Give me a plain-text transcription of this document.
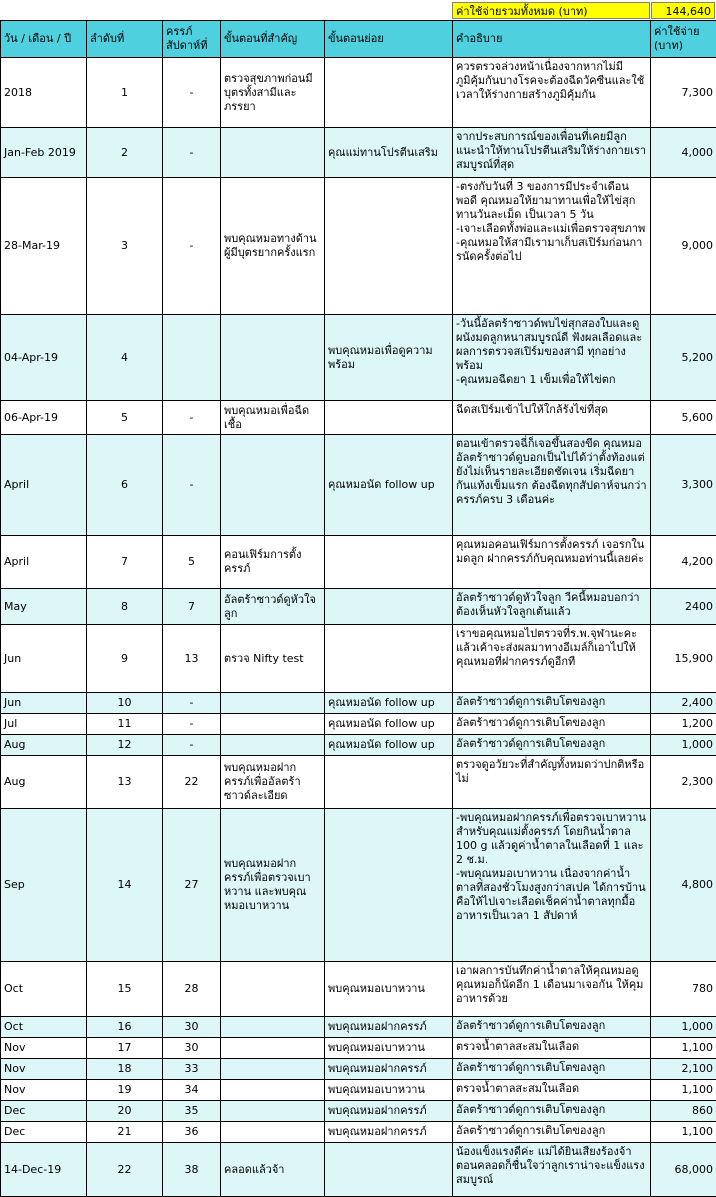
ค่าใช้จ่ายรวมทั้งหมด (บาท)	144,640
วัน / เดือน / ปี	ลำดับที่	ครรภ์สัปดาห์ที่	ขั้นตอนที่สำคัญ	ขั้นตอนย่อย	คำอธิบาย	ค่าใช้จ่าย (บาท)
2018	1	-	ตรวจสุขภาพก่อนมีบุตรทั้งสามีและภรรยา		ควรตรวจล่วงหน้าเนื่องจากหากไม่มีภูมิคุ้มกันบางโรคจะต้องฉีดวัคซีนและใช้เวลาให้ร่างกายสร้างภูมิคุ้มกัน	7,300
Jan-Feb 2019	2	-		คุณแม่ทานโปรตีนเสริม	จากประสบการณ์ของเพื่อนที่เคยมีลูกแนะนำให้ทานโปรตีนเสริมให้ร่างกายเราสมบูรณ์ที่สุด	4,000
28-Mar-19	3	-	พบคุณหมอทางด้านผู้มีบุตรยากครั้งแรก		-ตรงกับวันที่ 3 ของการมีประจำเดือนพอดี คุณหมอให้ยามาทานเพื่อให้ไข่สุก ทานวันละเม็ด เป็นเวลา 5 วัน
-เจาะเลือดทั้งพ่อและแม่เพื่อตรวจสุขภาพ
-คุณหมอให้สามีเรามาเก็บสเปิร์มก่อนการนัดครั้งต่อไป	9,000
04-Apr-19	4			พบคุณหมอเพื่อดูความพร้อม	-วันนี้อัลตร้าซาวด์พบไข่สุกสองใบและดูผนังมดลูกหนาสมบูรณ์ดี ฟังผลเลือดและผลการตรวจสเปิร์มของสามี ทุกอย่างพร้อม
-คุณหมอฉีดยา 1 เข็มเพื่อให้ไข่ตก	5,200
06-Apr-19	5	-	พบคุณหมอเพื่อฉีดเชื้อ		ฉีดสเปิร์มเข้าไปให้ใกล้รังไข่ที่สุด	5,600
April	6	-		คุณหมอนัด follow up	ตอนเข้าตรวจฉี่ก็เจอขึ้นสองขีด คุณหมออัลตร้าซาวด์ดูบอกเป็นไปได้ว่าตั้งท้องแต่ยังไม่เห็นรายละเอียดชัดเจน เริ่มฉีดยากันแท้งเข็มแรก ต้องฉีดทุกสัปดาห์จนกว่าครรภ์ครบ 3 เดือนค่ะ	3,300
April	7	5	คอนเฟิร์มการตั้งครรภ์		คุณหมอคอนเฟิร์มการตั้งครรภ์ เจอรกในมดลูก ฝากครรภ์กับคุณหมอท่านนี้เลยค่ะ	4,200
May	8	7	อัลตร้าซาวด์ดูหัวใจลูก		อัลตร้าซาวด์ดูหัวใจลูก วีคนี้หมอบอกว่าต้องเห็นหัวใจลูกเต้นแล้ว	2400
Jun	9	13	ตรวจ Nifty test		เราขอคุณหมอไปตรวจที่ร.พ.จุฬานะคะ แล้วเค้าจะส่งผลมาทางอีเมล์ก็เอาไปให้คุณหมอที่ฝากครรภ์ดูอีกที	15,900
Jun	10	-		คุณหมอนัด follow up	อัลตร้าซาวด์ดูการเติบโตของลูก	2,400
Jul	11	-		คุณหมอนัด follow up	อัลตร้าซาวด์ดูการเติบโตของลูก	1,200
Aug	12	-		คุณหมอนัด follow up	อัลตร้าซาวด์ดูการเติบโตของลูก	1,000
Aug	13	22	พบคุณหมอฝากครรภ์เพื่ออัลตร้าซาวด์ละเอียด		ตรวจดูอวัยวะที่สำคัญทั้งหมดว่าปกติหรือไม่	2,300
Sep	14	27	พบคุณหมอฝากครรภ์เพื่อตรวจเบาหวาน และพบคุณหมอเบาหวาน		-พบคุณหมอฝากครรภ์เพื่อตรวจเบาหวานสำหรับคุณแม่ตั้งครรภ์ โดยกินน้ำตาล 100 g แล้วดูค่าน้ำตาลในเลือดที่ 1 และ 2 ช.ม.
-พบคุณหมอเบาหวาน เนื่องจากค่าน้ำตาลที่สองชั่วโมงสูงกว่าสเปค ได้การบ้านคือให้ไปเจาะเลือดเช็คค่าน้ำตาลทุกมื้ออาหารเป็นเวลา 1 สัปดาห์	4,800
Oct	15	28		พบคุณหมอเบาหวาน	เอาผลการบันทึกค่าน้ำตาลให้คุณหมอดู คุณหมอก็นัดอีก 1 เดือนมาเจอกัน ให้คุมอาหารด้วย	780
Oct	16	30		พบคุณหมอฝากครรภ์	อัลตร้าซาวด์ดูการเติบโตของลูก	1,000
Nov	17	30		พบคุณหมอเบาหวาน	ตรวจน้ำตาลสะสมในเลือด	1,100
Nov	18	33		พบคุณหมอฝากครรภ์	อัลตร้าซาวด์ดูการเติบโตของลูก	2,100
Nov	19	34		พบคุณหมอเบาหวาน	ตรวจน้ำตาลสะสมในเลือด	1,100
Dec	20	35		พบคุณหมอฝากครรภ์	อัลตร้าซาวด์ดูการเติบโตของลูก	860
Dec	21	36		พบคุณหมอฝากครรภ์	อัลตร้าซาวด์ดูการเติบโตของลูก	1,100
14-Dec-19	22	38	คลอดแล้วจ้า		น้องแข็งแรงดีค่ะ แม่ได้ยินเสียงร้องจ้าตอนคลอดก็ชื่นใจว่าลูกเราน่าจะแข็งแรงสมบูรณ์	68,000
